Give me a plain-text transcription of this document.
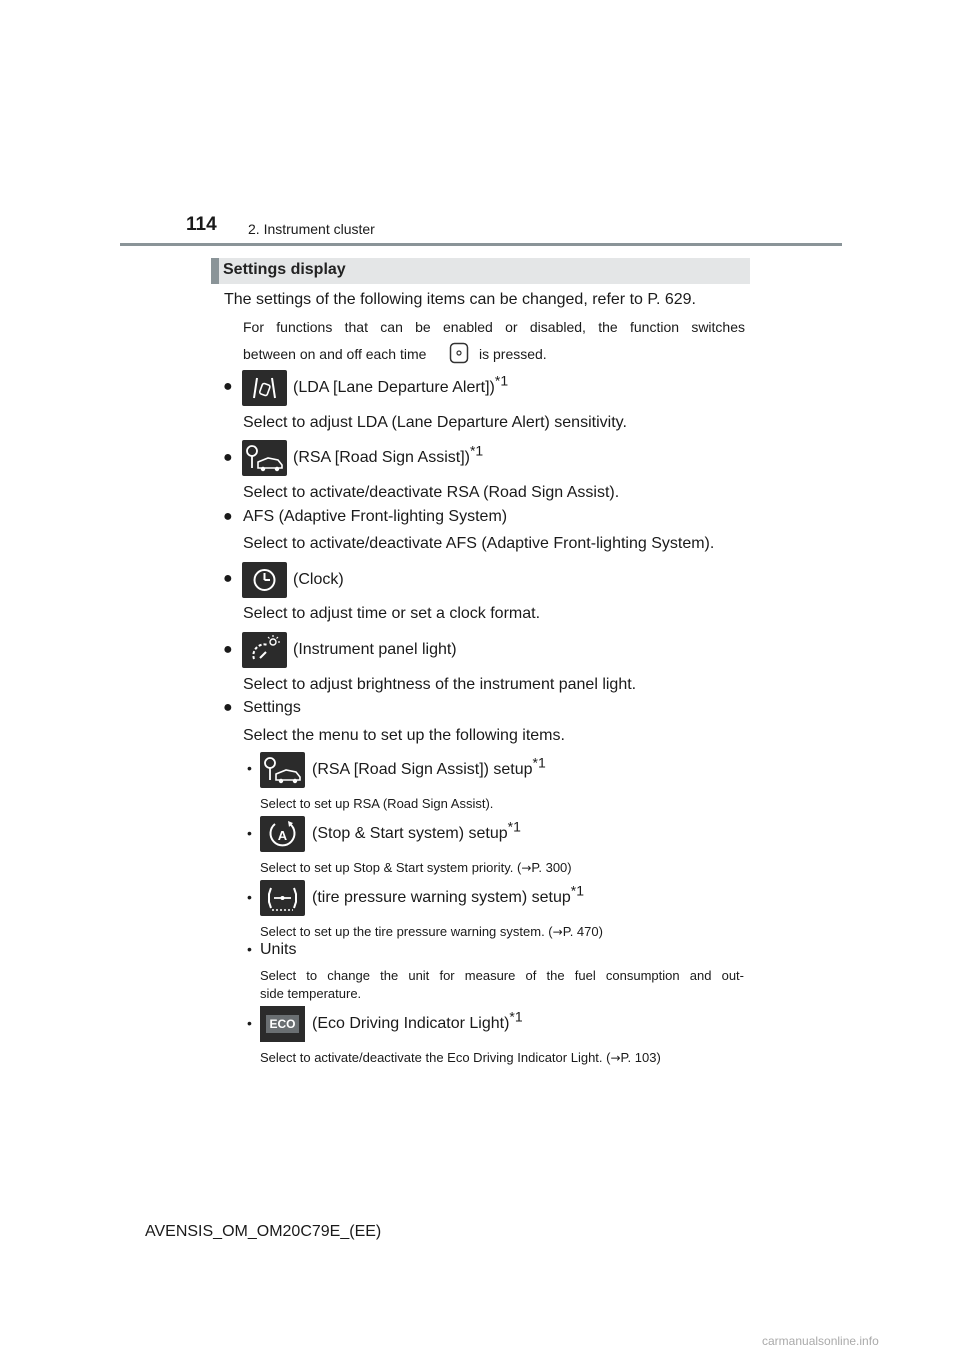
114 2. Instrument cluster
Settings display
The settings of the following items can be changed, refer to P. 629.
For functions that can be enabled or disabled, the function switches
between on and off each time	is pressed.
●	(LDA [Lane Departure Alert])*1
Select to adjust LDA (Lane Departure Alert) sensitivity.
●	(RSA [Road Sign Assist])*1
Select to activate/deactivate RSA (Road Sign Assist).
● AFS (Adaptive Front-lighting System)
Select to activate/deactivate AFS (Adaptive Front-lighting System).
●	(Clock)
Select to adjust time or set a clock format.
●	(Instrument panel light)
Select to adjust brightness of the instrument panel light.
● Settings
Select the menu to set up the following items.
•	(RSA [Road Sign Assist]) setup*1
Select to set up RSA (Road Sign Assist).
• A (Stop & Start system) setup*1
Select to set up Stop & Start system priority. (→P. 300)
•	(tire pressure warning system) setup*1
Select to set up the tire pressure warning system. (→P. 470)
• Units
Select to change the unit for measure of the fuel consumption and out-
side temperature.
• ECO (Eco Driving Indicator Light)*1
Select to activate/deactivate the Eco Driving Indicator Light. (→P. 103)
AVENSIS_OM_OM20C79E_(EE)
carmanualsonline.info
